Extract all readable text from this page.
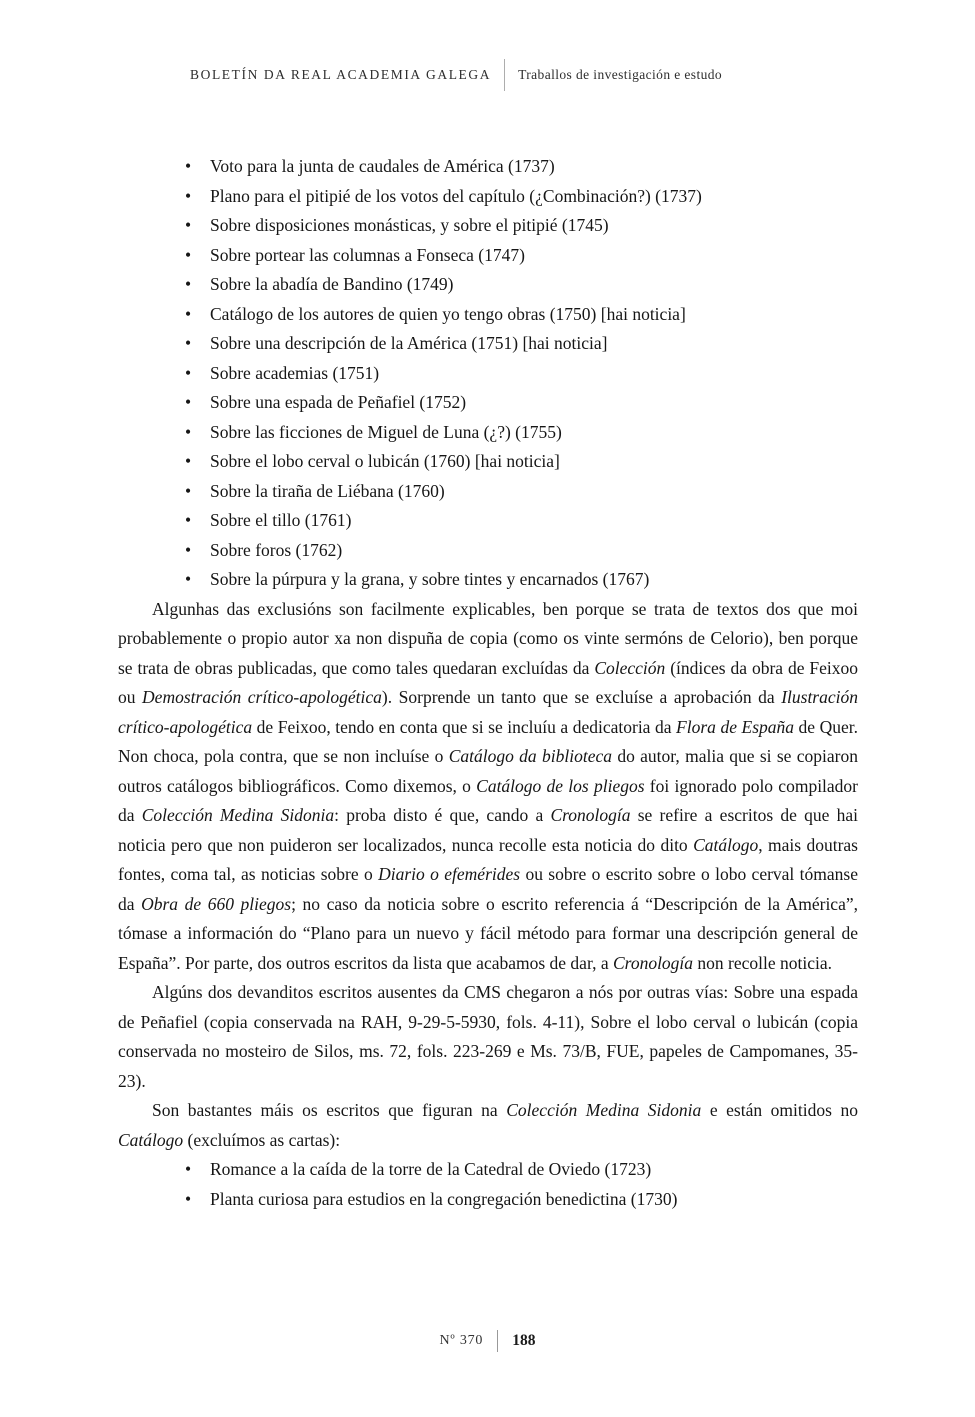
BOLETÍN DA REAL ACADEMIA GALEGA Traballos de investigación e estudo
•
Voto para la junta de caudales de América (1737)
•
Plano para el pitipié de los votos del capítulo (¿Combinación?) (1737)
•
Sobre disposiciones monásticas, y sobre el pitipié (1745)
•
Sobre portear las columnas a Fonseca (1747)
•
Sobre la abadía de Bandino (1749)
•
Catálogo de los autores de quien yo tengo obras (1750) [hai noticia]
•
Sobre una descripción de la América (1751) [hai noticia]
•
Sobre academias (1751)
•
Sobre una espada de Peñafiel (1752)
•
Sobre las ficciones de Miguel de Luna (¿?) (1755)
•
Sobre el lobo cerval o lubicán (1760) [hai noticia]
•
Sobre la tiraña de Liébana (1760)
•
Sobre el tillo (1761)
•
Sobre foros (1762)
•
Sobre la púrpura y la grana, y sobre tintes y encarnados (1767)

Algunhas das exclusións son facilmente explicables, ben porque se trata de textos dos que moi probablemente o propio autor xa non dispuña de copia (como os vinte sermóns de Celorio), ben porque se trata de obras publicadas, que como tales quedaran excluídas da Colección (índices da obra de Feixoo ou Demostración crítico-apologética). Sorprende un tanto que se excluíse a aprobación da Ilustración crítico-apologética de Feixoo, tendo en conta que si se incluíu a dedicatoria da Flora de España de Quer. Non choca, pola contra, que se non incluíse o Catálogo da biblioteca do autor, malia que si se copiaron outros catálogos bibliográficos. Como dixemos, o Catálogo de los pliegos foi ignorado polo compilador da Colección Medina Sidonia: proba disto é que, cando a Cronología se refire a escritos de que hai noticia pero que non puideron ser localizados, nunca recolle esta noticia do dito Catálogo, mais doutras fontes, coma tal, as noticias sobre o Diario o efemérides ou sobre o escrito sobre o lobo cerval tómanse da Obra de 660 pliegos; no caso da noticia sobre o escrito referencia á “Descripción de la América”, tómase a información do “Plano para un nuevo y fácil método para formar una descripción general de España”. Por parte, dos outros escritos da lista que acabamos de dar, a Cronología non recolle noticia.

Algúns dos devanditos escritos ausentes da CMS chegaron a nós por outras vías: Sobre una espada de Peñafiel (copia conservada na RAH, 9-29-5-5930, fols. 4-11), Sobre el lobo cerval o lubicán (copia conservada no mosteiro de Silos, ms. 72, fols. 223-269 e Ms. 73/B, FUE, papeles de Campomanes, 35-23).

Son bastantes máis os escritos que figuran na Colección Medina Sidonia e están omitidos no Catálogo (excluímos as cartas):

•
Romance a la caída de la torre de la Catedral de Oviedo (1723)
•
Planta curiosa para estudios en la congregación benedictina (1730)
Nº 370 188
